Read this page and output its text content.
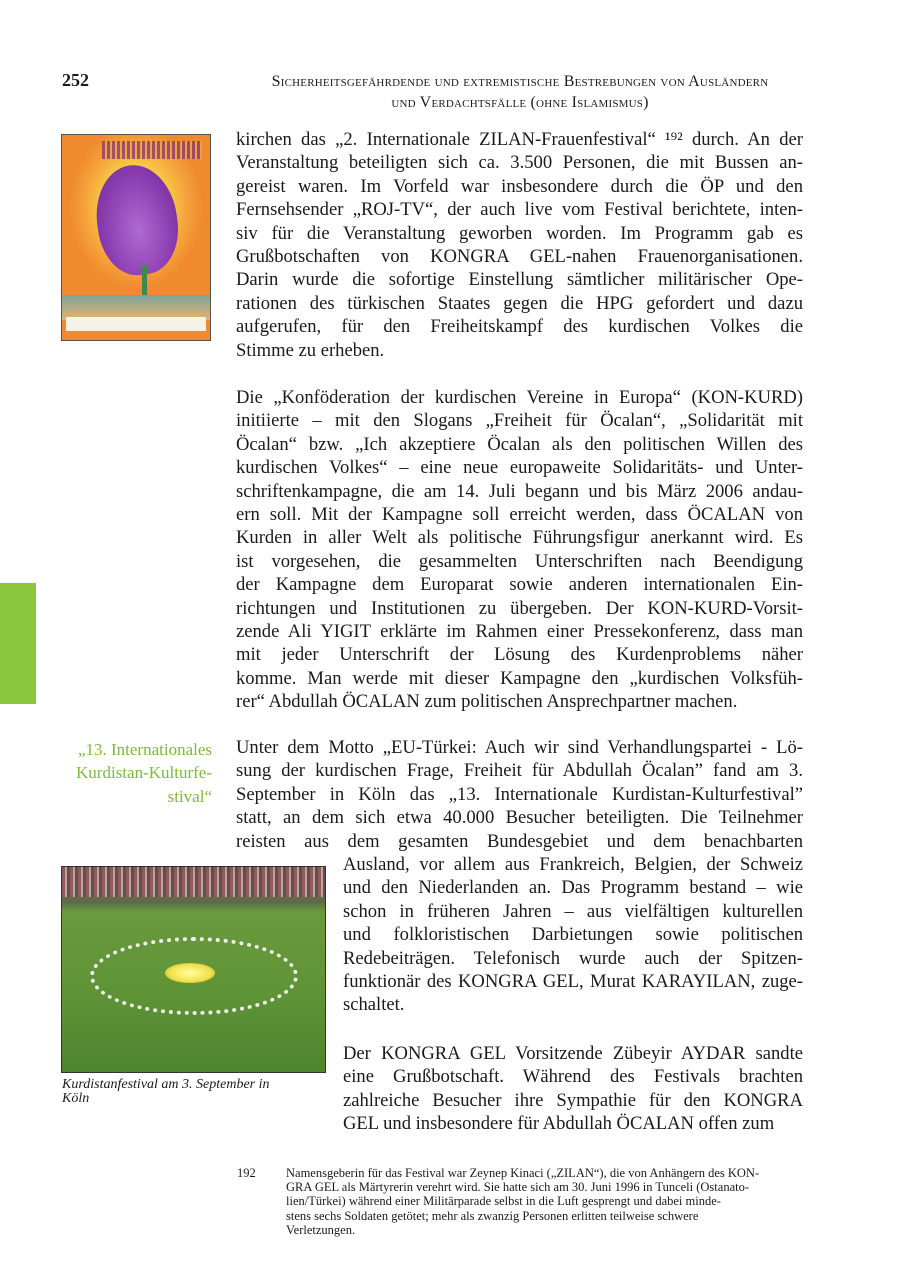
252	Sicherheitsgefährdende und extremistische Bestrebungen von Ausländern
und Verdachtsfälle (ohne Islamismus)
kirchen das „2. Internationale ZILAN-Frauenfestival“ ¹⁹² durch. An der
Veranstaltung beteiligten sich ca. 3.500 Personen, die mit Bussen an-
gereist waren. Im Vorfeld war insbesondere durch die ÖP und den
Fernsehsender „ROJ-TV“, der auch live vom Festival berichtete, inten-
siv für die Veranstaltung geworben worden. Im Programm gab es
Grußbotschaften von KONGRA GEL-nahen Frauenorganisationen.
Darin wurde die sofortige Einstellung sämtlicher militärischer Ope-
rationen des türkischen Staates gegen die HPG gefordert und dazu
aufgerufen, für den Freiheitskampf des kurdischen Volkes die
Stimme zu erheben.
Die „Konföderation der kurdischen Vereine in Europa“ (KON-KURD)
initiierte – mit den Slogans „Freiheit für Öcalan“, „Solidarität mit
Öcalan“ bzw. „Ich akzeptiere Öcalan als den politischen Willen des
kurdischen Volkes“ – eine neue europaweite Solidaritäts- und Unter-
schriftenkampagne, die am 14. Juli begann und bis März 2006 andau-
ern soll. Mit der Kampagne soll erreicht werden, dass ÖCALAN von
Kurden in aller Welt als politische Führungsfigur anerkannt wird. Es
ist vorgesehen, die gesammelten Unterschriften nach Beendigung
der Kampagne dem Europarat sowie anderen internationalen Ein-
richtungen und Institutionen zu übergeben. Der KON-KURD-Vorsit-
zende Ali YIGIT erklärte im Rahmen einer Pressekonferenz, dass man
mit jeder Unterschrift der Lösung des Kurdenproblems näher
komme. Man werde mit dieser Kampagne den „kurdischen Volksfüh-
rer“ Abdullah ÖCALAN zum politischen Ansprechpartner machen.
Unter dem Motto „EU-Türkei: Auch wir sind Verhandlungspartei - Lö-
sung der kurdischen Frage, Freiheit für Abdullah Öcalan” fand am 3.
September in Köln das „13. Internationale Kurdistan-Kulturfestival”
statt, an dem sich etwa 40.000 Besucher beteiligten. Die Teilnehmer
reisten aus dem gesamten Bundesgebiet und dem benachbarten
Ausland, vor allem aus Frankreich, Belgien, der Schweiz
und den Niederlanden an. Das Programm bestand – wie
schon in früheren Jahren – aus vielfältigen kulturellen
und folkloristischen Darbietungen sowie politischen
Redebeiträgen. Telefonisch wurde auch der Spitzen-
funktionär des KONGRA GEL, Murat KARAYILAN, zuge-
schaltet.
Der KONGRA GEL Vorsitzende Zübeyir AYDAR sandte
eine Grußbotschaft. Während des Festivals brachten
zahlreiche Besucher ihre Sympathie für den KONGRA
GEL und insbesondere für Abdullah ÖCALAN offen zum
„13. Internationales
Kurdistan-Kulturfe-
stival“
Kurdistanfestival am 3. September in
Köln
192 Namensgeberin für das Festival war Zeynep Kinaci („ZILAN“), die von Anhängern des KON-
GRA GEL als Märtyrerin verehrt wird. Sie hatte sich am 30. Juni 1996 in Tunceli (Ostanato-
lien/Türkei) während einer Militärparade selbst in die Luft gesprengt und dabei minde-
stens sechs Soldaten getötet; mehr als zwanzig Personen erlitten teilweise schwere
Verletzungen.
